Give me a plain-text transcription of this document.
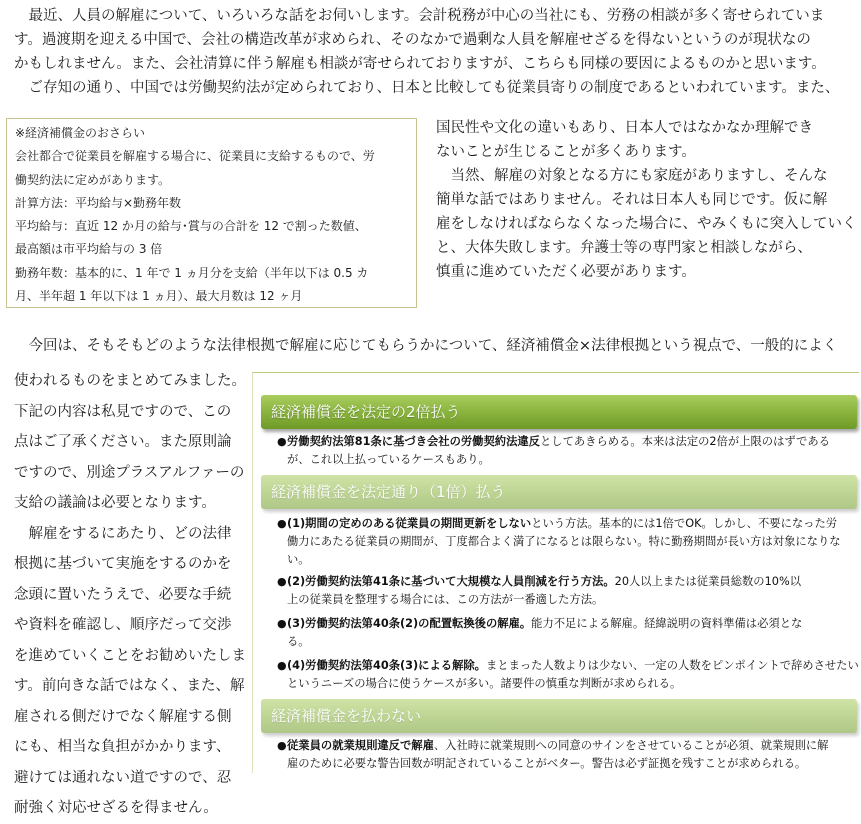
　最近、人員の解雇について、いろいろな話をお伺いします。会計税務が中心の当社にも、労務の相談が多く寄せられていま
す。過渡期を迎える中国で、会社の構造改革が求められ、そのなかで過剰な人員を解雇せざるを得ないというのが現状なの
かもしれません。また、会社清算に伴う解雇も相談が寄せられておりますが、こちらも同様の要因によるものかと思います。
　ご存知の通り、中国では労働契約法が定められており、日本と比較しても従業員寄りの制度であるといわれています。また、
※経済補償金のおさらい
会社都合で従業員を解雇する場合に、従業員に支給するもので、労
働契約法に定めがあります。
計算方法：平均給与×勤務年数
平均給与：直近 12 か月の給与･賞与の合計を 12 で割った数値、
最高額は市平均給与の 3 倍
勤務年数：基本的に、1 年で 1 ヵ月分を支給（半年以下は 0.5 カ
月、半年超 1 年以下は 1 ヵ月）、最大月数は 12 ヶ月
国民性や文化の違いもあり、日本人ではなかなか理解でき
ないことが生じることが多くあります。
　当然、解雇の対象となる方にも家庭がありますし、そんな
簡単な話ではありません。それは日本人も同じです。仮に解
雇をしなければならなくなった場合に、やみくもに突入していく
と、大体失敗します。弁護士等の専門家と相談しながら、
慎重に進めていただく必要があります。

　今回は、そもそもどのような法律根拠で解雇に応じてもらうかについて、経済補償金×法律根拠という視点で、一般的によく

使われるものをまとめてみました。
下記の内容は私見ですので、この
点はご了承ください。また原則論
ですので、別途プラスアルファーの
支給の議論は必要となります。
　解雇をするにあたり、どの法律
根拠に基づいて実施をするのかを
念頭に置いたうえで、必要な手続
や資料を確認し、順序だって交渉
を進めていくことをお勧めいたしま
す。前向きな話ではなく、また、解
雇される側だけでなく解雇する側
にも、相当な負担がかかります、
避けては通れない道ですので、忍
耐強く対応せざるを得ません。
経済補償金を法定の2倍払う
● 労働契約法第81条に基づき会社の労働契約法違反としてあきらめる。本来は法定の2倍が上限のはずである
が、これ以上払っているケースもあり。
経済補償金を法定通り（1倍）払う
● (1)期間の定めのある従業員の期間更新をしないという方法。基本的には1倍でOK。しかし、不要になった労
働力にあたる従業員の期間が、丁度都合よく満了になるとは限らない。特に勤務期間が長い方は対象になりな
い。
● (2)労働契約法第41条に基づいて大規模な人員削減を行う方法。20人以上または従業員総数の10%以
上の従業員を整理する場合には、この方法が一番適した方法。
● (3)労働契約法第40条(2)の配置転換後の解雇。能力不足による解雇。経緯説明の資料準備は必須とな
る。
● (4)労働契約法第40条(3)による解除。まとまった人数よりは少ない、一定の人数をピンポイントで辞めさせたい
というニーズの場合に使うケースが多い。諸要件の慎重な判断が求められる。
経済補償金を払わない
● 従業員の就業規則違反で解雇、入社時に就業規則への同意のサインをさせていることが必須、就業規則に解
雇のために必要な警告回数が明記されていることがベター。警告は必ず証拠を残すことが求められる。
